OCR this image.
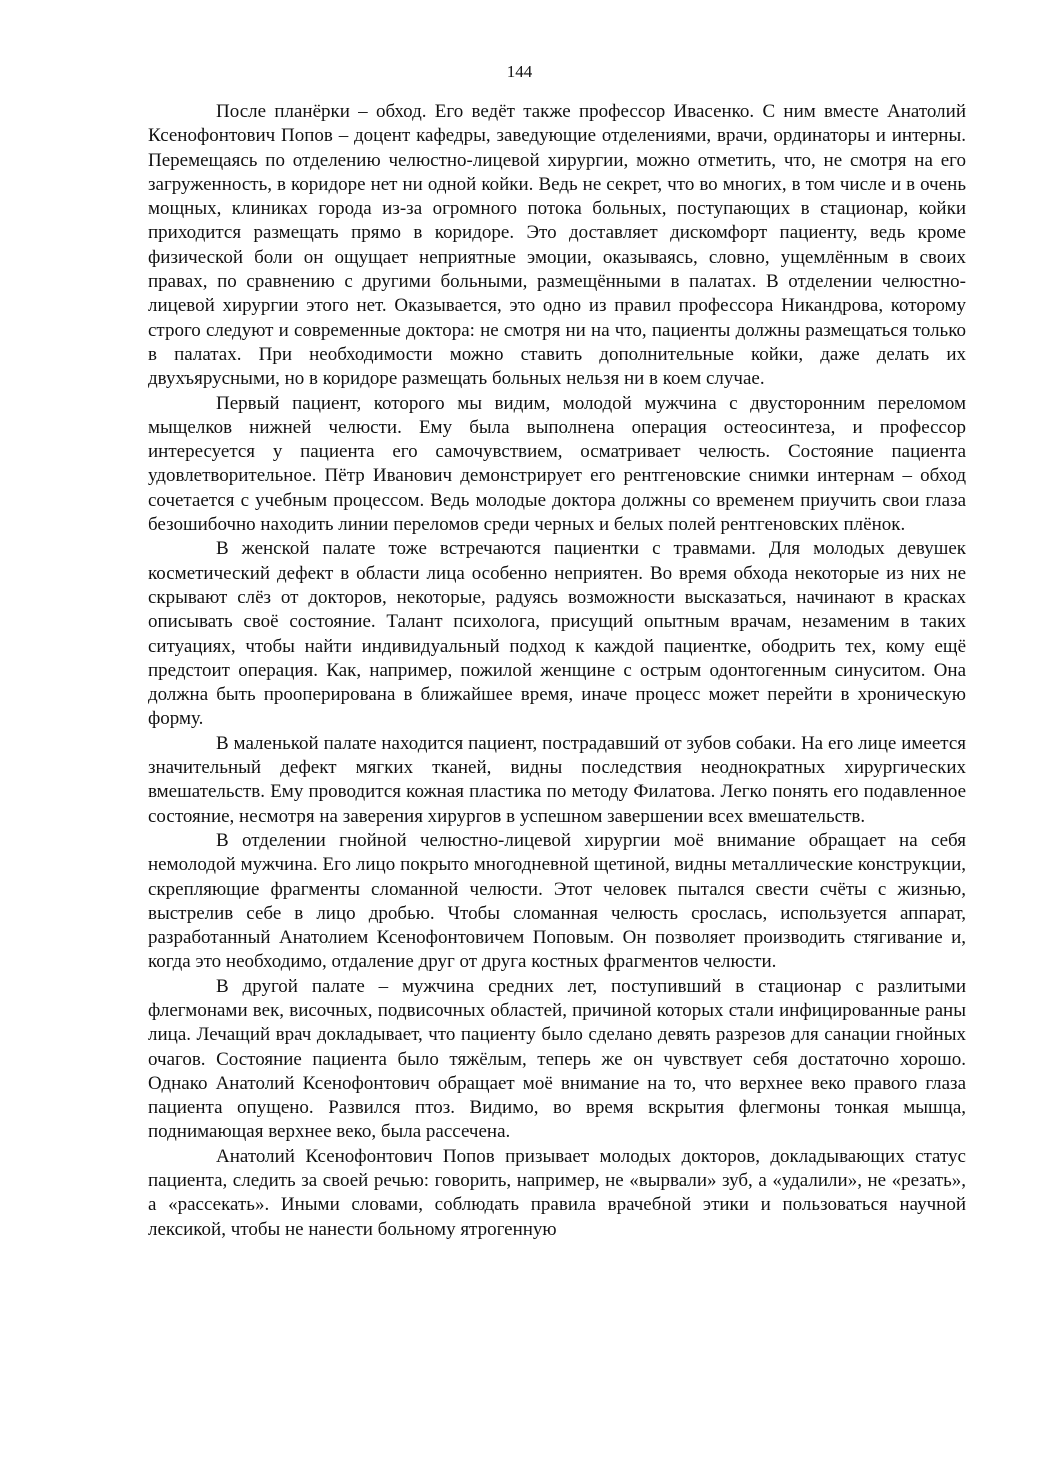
144

После планёрки – обход. Его ведёт также профессор Ивасенко. С ним вместе Анатолий Ксенофонтович Попов – доцент кафедры, заведующие отделениями, врачи, ординаторы и интерны. Перемещаясь по отделению челюстно-лицевой хирургии, можно отметить, что, не смотря на его загруженность, в коридоре нет ни одной койки. Ведь не секрет, что во многих, в том числе и в очень мощных, клиниках города из-за огромного потока больных, поступающих в стационар, койки приходится размещать прямо в коридоре. Это доставляет дискомфорт пациенту, ведь кроме физической боли он ощущает неприятные эмоции, оказываясь, словно, ущемлённым в своих правах, по сравнению с другими больными, размещёнными в палатах. В отделении челюстно-лицевой хирургии этого нет. Оказывается, это одно из правил профессора Никандрова, которому строго следуют и современные доктора: не смотря ни на что, пациенты должны размещаться только в палатах. При необходимости можно ставить дополнительные койки, даже делать их двухъярусными, но в коридоре размещать больных нельзя ни в коем случае.

Первый пациент, которого мы видим, молодой мужчина с двусторонним переломом мыщелков нижней челюсти. Ему была выполнена операция остеосинтеза, и профессор интересуется у пациента его самочувствием, осматривает челюсть. Состояние пациента удовлетворительное. Пётр Иванович демонстрирует его рентгеновские снимки интернам – обход сочетается с учебным процессом. Ведь молодые доктора должны со временем приучить свои глаза безошибочно находить линии переломов среди черных и белых полей рентгеновских плёнок.

В женской палате тоже встречаются пациентки с травмами. Для молодых девушек косметический дефект в области лица особенно неприятен. Во время обхода некоторые из них не скрывают слёз от докторов, некоторые, радуясь возможности высказаться, начинают в красках описывать своё состояние. Талант психолога, присущий опытным врачам, незаменим в таких ситуациях, чтобы найти индивидуальный подход к каждой пациентке, ободрить тех, кому ещё предстоит операция. Как, например, пожилой женщине с острым одонтогенным синуситом. Она должна быть прооперирована в ближайшее время, иначе процесс может перейти в хроническую форму.

В маленькой палате находится пациент, пострадавший от зубов собаки. На его лице имеется значительный дефект мягких тканей, видны последствия неоднократных хирургических вмешательств. Ему проводится кожная пластика по методу Филатова. Легко понять его подавленное состояние, несмотря на заверения хирургов в успешном завершении всех вмешательств.

В отделении гнойной челюстно-лицевой хирургии моё внимание обращает на себя немолодой мужчина. Его лицо покрыто многодневной щетиной, видны металлические конструкции, скрепляющие фрагменты сломанной челюсти. Этот человек пытался свести счёты с жизнью, выстрелив себе в лицо дробью. Чтобы сломанная челюсть срослась, используется аппарат, разработанный Анатолием Ксенофонтовичем Поповым. Он позволяет производить стягивание и, когда это необходимо, отдаление друг от друга костных фрагментов челюсти.

В другой палате – мужчина средних лет, поступивший в стационар с разлитыми флегмонами век, височных, подвисочных областей, причиной которых стали инфицированные раны лица. Лечащий врач докладывает, что пациенту было сделано девять разрезов для санации гнойных очагов. Состояние пациента было тяжёлым, теперь же он чувствует себя достаточно хорошо. Однако Анатолий Ксенофонтович обращает моё внимание на то, что верхнее веко правого глаза пациента опущено. Развился птоз. Видимо, во время вскрытия флегмоны тонкая мышца, поднимающая верхнее веко, была рассечена.

Анатолий Ксенофонтович Попов призывает молодых докторов, докладывающих статус пациента, следить за своей речью: говорить, например, не «вырвали» зуб, а «удалили», не «резать», а «рассекать». Иными словами, соблюдать правила врачебной этики и пользоваться научной лексикой, чтобы не нанести больному ятрогенную
